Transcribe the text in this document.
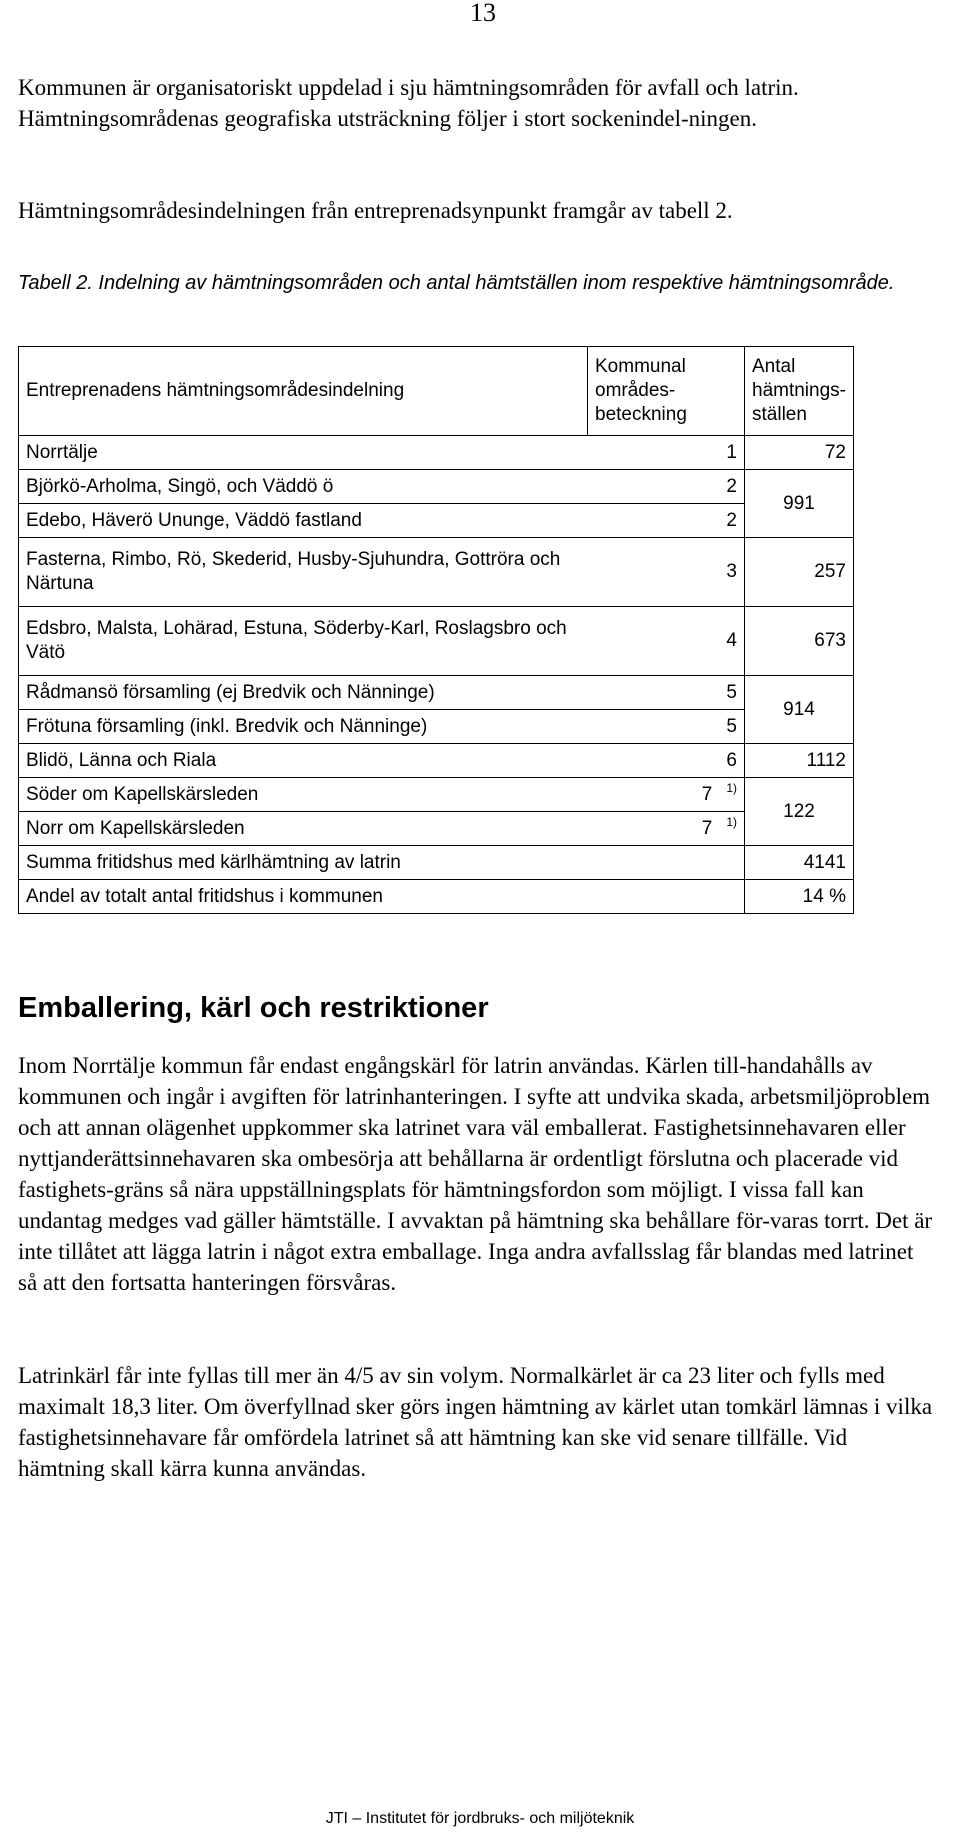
13

Kommunen är organisatoriskt uppdelad i sju hämtningsområden för avfall och latrin. Hämtningsområdenas geografiska utsträckning följer i stort sockenindel-ningen.

Hämtningsområdesindelningen från entreprenadsynpunkt framgår av tabell 2.

Tabell 2. Indelning av hämtningsområden och antal hämtställen inom respektive hämtningsområde.

Entreprenadens hämtningsområdesindelning	Kommunal områdes-beteckning	Antal hämtnings-ställen
Norrtälje	1	72
Björkö-Arholma, Singö, och Väddö ö	2	991
Edebo, Häverö Ununge, Väddö fastland	2	
Fasterna, Rimbo, Rö, Skederid, Husby-Sjuhundra, Gottröra och Närtuna	3	257
Edsbro, Malsta, Lohärad, Estuna, Söderby-Karl, Roslagsbro och Vätö	4	673
Rådmansö församling (ej Bredvik och Nänninge)	5	914
Frötuna församling (inkl. Bredvik och Nänninge)	5	
Blidö, Länna och Riala	6	1112
Söder om Kapellskärsleden	7 $^{1)}$	122
Norr om Kapellskärsleden	7 $^{1)}$
Summa fritidshus med kärlhämtning av latrin		4141
Andel av totalt antal fritidshus i kommunen		14 %
Emballering, kärl och restriktioner

Inom Norrtälje kommun får endast engångskärl för latrin användas. Kärlen till-handahålls av kommunen och ingår i avgiften för latrinhanteringen. I syfte att undvika skada, arbetsmiljöproblem och att annan olägenhet uppkommer ska latrinet vara väl emballerat. Fastighetsinnehavaren eller nyttjanderättsinnehavaren ska ombesörja att behållarna är ordentligt förslutna och placerade vid fastighets-gräns så nära uppställningsplats för hämtningsfordon som möjligt. I vissa fall kan undantag medges vad gäller hämtställe. I avvaktan på hämtning ska behållare för-varas torrt. Det är inte tillåtet att lägga latrin i något extra emballage. Inga andra avfallsslag får blandas med latrinet så att den fortsatta hanteringen försvåras.

Latrinkärl får inte fyllas till mer än 4/5 av sin volym. Normalkärlet är ca 23 liter och fylls med maximalt 18,3 liter. Om överfyllnad sker görs ingen hämtning av kärlet utan tomkärl lämnas i vilka fastighetsinnehavare får omfördela latrinet så att hämtning kan ske vid senare tillfälle. Vid hämtning skall kärra kunna användas.

JTI – Institutet för jordbruks- och miljöteknik
